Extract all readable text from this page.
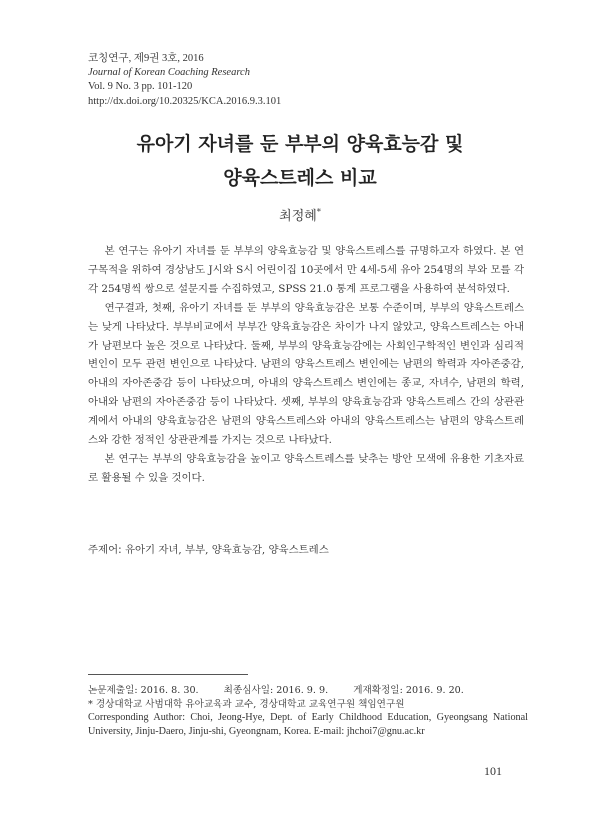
코칭연구, 제9권 3호, 2016
Journal of Korean Coaching Research
Vol. 9 No. 3 pp. 101-120
http://dx.doi.org/10.20325/KCA.2016.9.3.101
유아기 자녀를 둔 부부의 양육효능감 및
양육스트레스 비교
최정혜*

본 연구는 유아기 자녀를 둔 부부의 양육효능감 및 양육스트레스를 규명하고자 하였다. 본 연구목적을 위하여 경상남도 J시와 S시 어린이집 10곳에서 만 4세-5세 유아 254명의 부와 모를 각각 254명씩 쌍으로 설문지를 수집하였고, SPSS 21.0 통계 프로그램을 사용하여 분석하였다.

연구결과, 첫째, 유아기 자녀를 둔 부부의 양육효능감은 보통 수준이며, 부부의 양육스트레스는 낮게 나타났다. 부부비교에서 부부간 양육효능감은 차이가 나지 않았고, 양육스트레스는 아내가 남편보다 높은 것으로 나타났다. 둘째, 부부의 양육효능감에는 사회인구학적인 변인과 심리적 변인이 모두 관련 변인으로 나타났다. 남편의 양육스트레스 변인에는 남편의 학력과 자아존중감, 아내의 자아존중감 등이 나타났으며, 아내의 양육스트레스 변인에는 종교, 자녀수, 남편의 학력, 아내와 남편의 자아존중감 등이 나타났다. 셋째, 부부의 양육효능감과 양육스트레스 간의 상관관계에서 아내의 양육효능감은 남편의 양육스트레스와 아내의 양육스트레스는 남편의 양육스트레스와 강한 정적인 상관관계를 가지는 것으로 나타났다.

본 연구는 부부의 양육효능감을 높이고 양육스트레스를 낮추는 방안 모색에 유용한 기초자료로 활용될 수 있을 것이다.

주제어: 유아기 자녀, 부부, 양육효능감, 양육스트레스
논문제출일: 2016. 8. 30.	최종심사일: 2016. 9. 9.	게재확정일: 2016. 9. 20.
* 경상대학교 사범대학 유아교육과 교수, 경상대학교 교육연구원 책임연구원
Corresponding Author: Choi, Jeong-Hye, Dept. of Early Childhood Education, Gyeongsang National University, Jinju-Daero, Jinju-shi, Gyeongnam, Korea. E-mail: jhchoi7@gnu.ac.kr
101
